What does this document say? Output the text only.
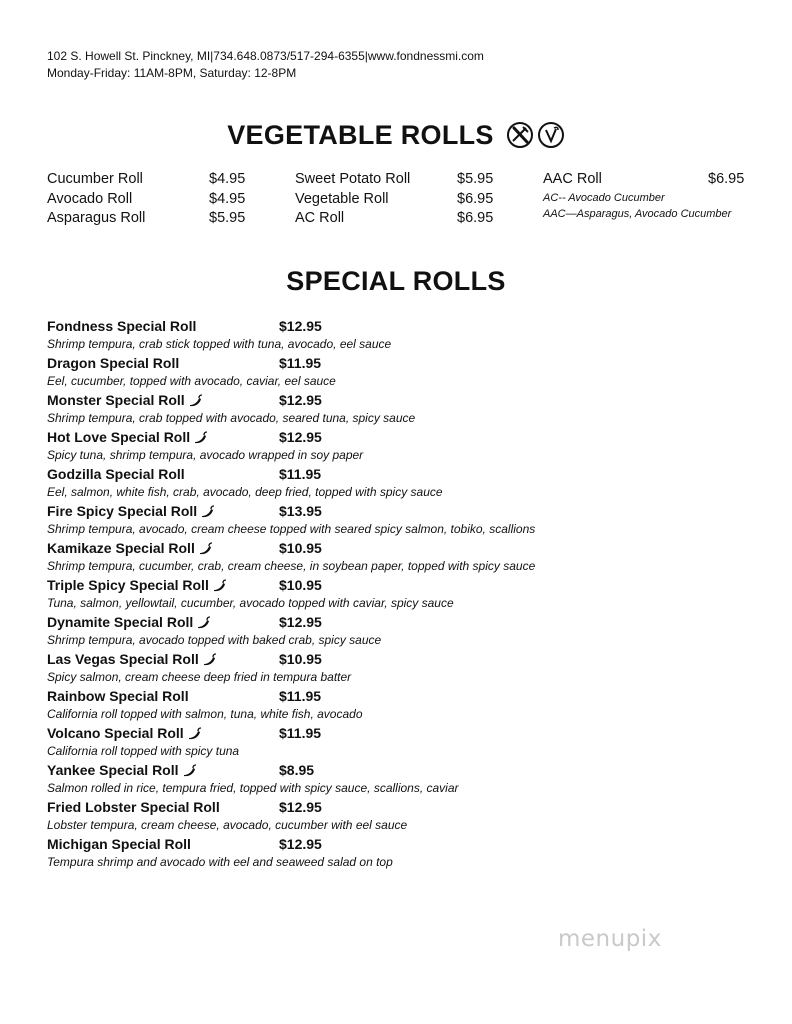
102 S. Howell St. Pinckney, MI|734.648.0873/517-294-6355|www.fondnessmi.com
Monday-Friday: 11AM-8PM, Saturday: 12-8PM
VEGETABLE ROLLS
Cucumber Roll	$4.95
Avocado Roll	$4.95
Asparagus Roll	$5.95
Sweet Potato Roll	$5.95
Vegetable Roll	$6.95
AC Roll	$6.95
AAC Roll	$6.95
AC-- Avocado Cucumber
AAC—Asparagus, Avocado Cucumber
SPECIAL ROLLS
Fondness Special Roll	$12.95
Shrimp tempura, crab stick topped with tuna, avocado, eel sauce
Dragon Special Roll	$11.95
Eel, cucumber, topped with avocado, caviar, eel sauce
Monster Special Roll	$12.95
Shrimp tempura, crab topped with avocado, seared tuna, spicy sauce
Hot Love Special Roll	$12.95
Spicy tuna, shrimp tempura, avocado wrapped in soy paper
Godzilla Special Roll	$11.95
Eel, salmon, white fish, crab, avocado, deep fried, topped with spicy sauce
Fire Spicy Special Roll	$13.95
Shrimp tempura, avocado, cream cheese topped with seared spicy salmon, tobiko, scallions
Kamikaze Special Roll	$10.95
Shrimp tempura, cucumber, crab, cream cheese, in soybean paper, topped with spicy sauce
Triple Spicy Special Roll	$10.95
Tuna, salmon, yellowtail, cucumber, avocado topped with caviar, spicy sauce
Dynamite Special Roll	$12.95
Shrimp tempura, avocado topped with baked crab, spicy sauce
Las Vegas Special Roll	$10.95
Spicy salmon, cream cheese deep fried in tempura batter
Rainbow Special Roll	$11.95
California roll topped with salmon, tuna, white fish, avocado
Volcano Special Roll	$11.95
California roll topped with spicy tuna
Yankee Special Roll	$8.95
Salmon rolled in rice, tempura fried, topped with spicy sauce, scallions, caviar
Fried Lobster Special Roll	$12.95
Lobster tempura, cream cheese, avocado, cucumber with eel sauce
Michigan Special Roll	$12.95
Tempura shrimp and avocado with eel and seaweed salad on top
menupix
